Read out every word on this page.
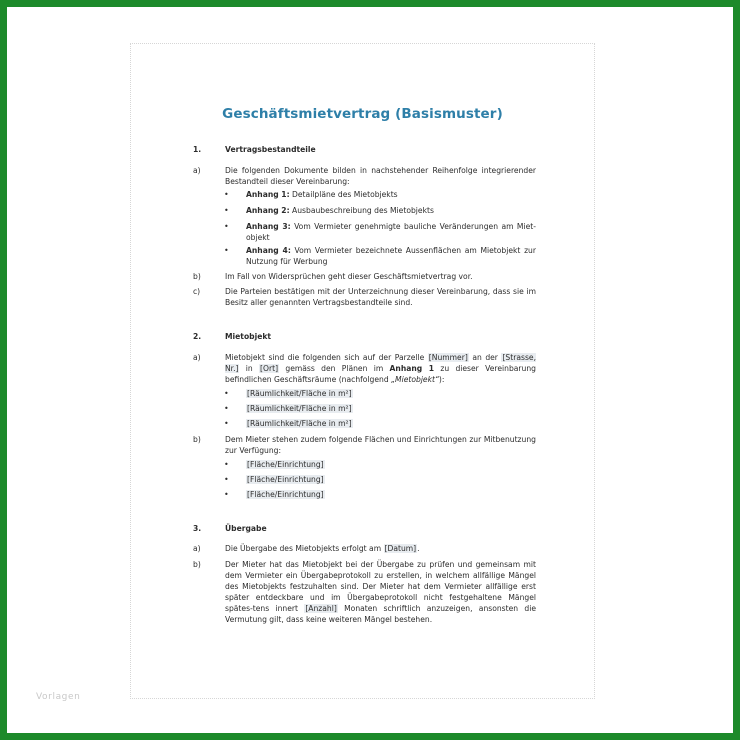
Geschäftsmietvertrag (Basismuster)
1.	Vertragsbestandteile
a)	Die folgenden Dokumente bilden in nachstehender Reihenfolge integrierender Bestandteil dieser Vereinbarung:
• Anhang 1: Detailpläne des Mietobjekts
• Anhang 2: Ausbaubeschreibung des Mietobjekts
• Anhang 3: Vom Vermieter genehmigte bauliche Veränderungen am Miet-objekt
• Anhang 4: Vom Vermieter bezeichnete Aussenflächen am Mietobjekt zur Nutzung für Werbung
b)	Im Fall von Widersprüchen geht dieser Geschäftsmietvertrag vor.
c)	Die Parteien bestätigen mit der Unterzeichnung dieser Vereinbarung, dass sie im Besitz aller genannten Vertragsbestandteile sind.
2.	Mietobjekt
a)	Mietobjekt sind die folgenden sich auf der Parzelle [Nummer] an der [Strasse, Nr.] in [Ort] gemäss den Plänen im Anhang 1 zu dieser Vereinbarung befindlichen Geschäftsräume (nachfolgend „Mietobjekt“):
• [Räumlichkeit/Fläche in m²]
• [Räumlichkeit/Fläche in m²]
• [Räumlichkeit/Fläche in m²]
b)	Dem Mieter stehen zudem folgende Flächen und Einrichtungen zur Mitbenutzung zur Verfügung:
• [Fläche/Einrichtung]
• [Fläche/Einrichtung]
• [Fläche/Einrichtung]
3.	Übergabe
a)	Die Übergabe des Mietobjekts erfolgt am [Datum].
b)	Der Mieter hat das Mietobjekt bei der Übergabe zu prüfen und gemeinsam mit dem Vermieter ein Übergabeprotokoll zu erstellen, in welchem allfällige Mängel des Mietobjekts festzuhalten sind. Der Mieter hat dem Vermieter allfällige erst später entdeckbare und im Übergabeprotokoll nicht festgehaltene Mängel spätes-tens innert [Anzahl] Monaten schriftlich anzuzeigen, ansonsten die Vermutung gilt, dass keine weiteren Mängel bestehen.
Vorlagen
